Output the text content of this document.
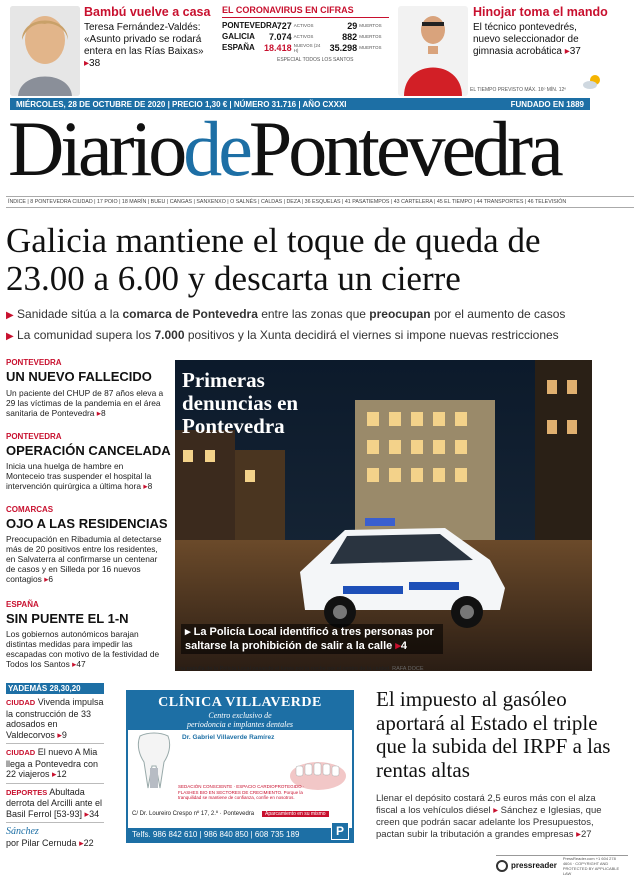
Bambú vuelve a casa
Teresa Fernández-Valdés: «Asunto privado se rodará entera en las Rías Baixas» ▸38
EL CORONAVIRUS EN CIFRAS
PONTEVEDRA 727 ACTIVOS	29 MUERTOS
GALICIA	7.074 ACTIVOS	882 MUERTOS
ESPAÑA	18.418 NUEVOS (24 H)	35.298 MUERTOS
ESPECIAL TODOS LOS SANTOS
Hinojar toma el mando
El técnico pontevedrés, nuevo seleccionador de gimnasia acrobática ▸37
EL TIEMPO PREVISTO MÁX. 16º MÍN. 12º
MIÉRCOLES, 28 DE OCTUBRE DE 2020 | PRECIO 1,30 € | NÚMERO 31.716 | AÑO CXXXI	FUNDADO EN 1889
DiariodePontevedra
ÍNDICE | 8 PONTEVEDRA CIUDAD | 17 POIO | 18 MARÍN | BUEU | CANGAS | SANXENXO | O SALNÉS | CALDAS | DEZA | 36 ESQUELAS | 41 PASATIEMPOS | 43 CARTELERA | 45 EL TIEMPO | 44 TRANSPORTES | 46 TELEVISIÓN
Galicia mantiene el toque de queda de 23.00 a 6.00 y descarta un cierre
▶ Sanidade sitúa a la comarca de Pontevedra entre las zonas que preocupan por el aumento de casos
▶ La comunidad supera los 7.000 positivos y la Xunta decidirá el viernes si impone nuevas restricciones
PONTEVEDRA
UN NUEVO FALLECIDO
Un paciente del CHUP de 87 años eleva a 29 las víctimas de la pandemia en el área sanitaria de Pontevedra ▸8
PONTEVEDRA
OPERACIÓN CANCELADA
Inicia una huelga de hambre en Monteceio tras suspender el hospital la intervención quirúrgica a última hora ▸8
COMARCAS
OJO A LAS RESIDENCIAS
Preocupación en Ribadumia al detectarse más de 20 positivos entre los residentes, en Salvaterra al confirmarse un centenar de casos y en Silleda por 16 nuevos contagios ▸6
ESPAÑA
SIN PUENTE EL 1-N
Los gobiernos autonómicos barajan distintas medidas para impedir las escapadas con motivo de la festividad de Todos los Santos ▸47
Primeras denuncias en Pontevedra
▸ La Policía Local identificó a tres personas por saltarse la prohibición de salir a la calle ▸4
Una patrulla de la Policía Local pasando el lunes por la noche por el centro de la ciudad. RAFA DOCE
YADEMÁS 28,30,20
CIUDAD Vivenda impulsa la construcción de 33 adosados en Valdecorvos ▸9
CIUDAD El nuevo A Mia llega a Pontevedra con 22 viajeros ▸12
DEPORTES Abultada derrota del Arcilli ante el Basil Ferrol [53-93] ▸34
Sánchez
por Pilar Cernuda ▸22
CLÍNICA VILLAVERDE
Centro exclusivo de
periodoncia e implantes dentales
Dr. Gabriel Villaverde Ramírez
SEDACIÓN CONSCIENTE · ESPACIO CARDIOPROTEGIDO · FLASHES BIO EN SECTORES DE CRECIMIENTO. Porque la tranquilidad se mantiene de confianza, confíe en nosotros.
C/ Dr. Loureiro Crespo nº 17, 2.º · Pontevedra	Aparcamiento en su mismo
Telfs. 986 842 610 | 986 840 850 | 608 735 189	P
El impuesto al gasóleo aportará al Estado el triple que la subida del IRPF a las rentas altas
Llenar el depósito costará 2,5 euros más con el alza fiscal a los vehículos diésel ▸ Sánchez e Iglesias, que creen que podrán sacar adelante los Presupuestos, pactan subir la tributación a grandes empresas ▸27
pressreader
PressReader.com +1 604 278 4604 · COPYRIGHT AND PROTECTED BY APPLICABLE LAW
